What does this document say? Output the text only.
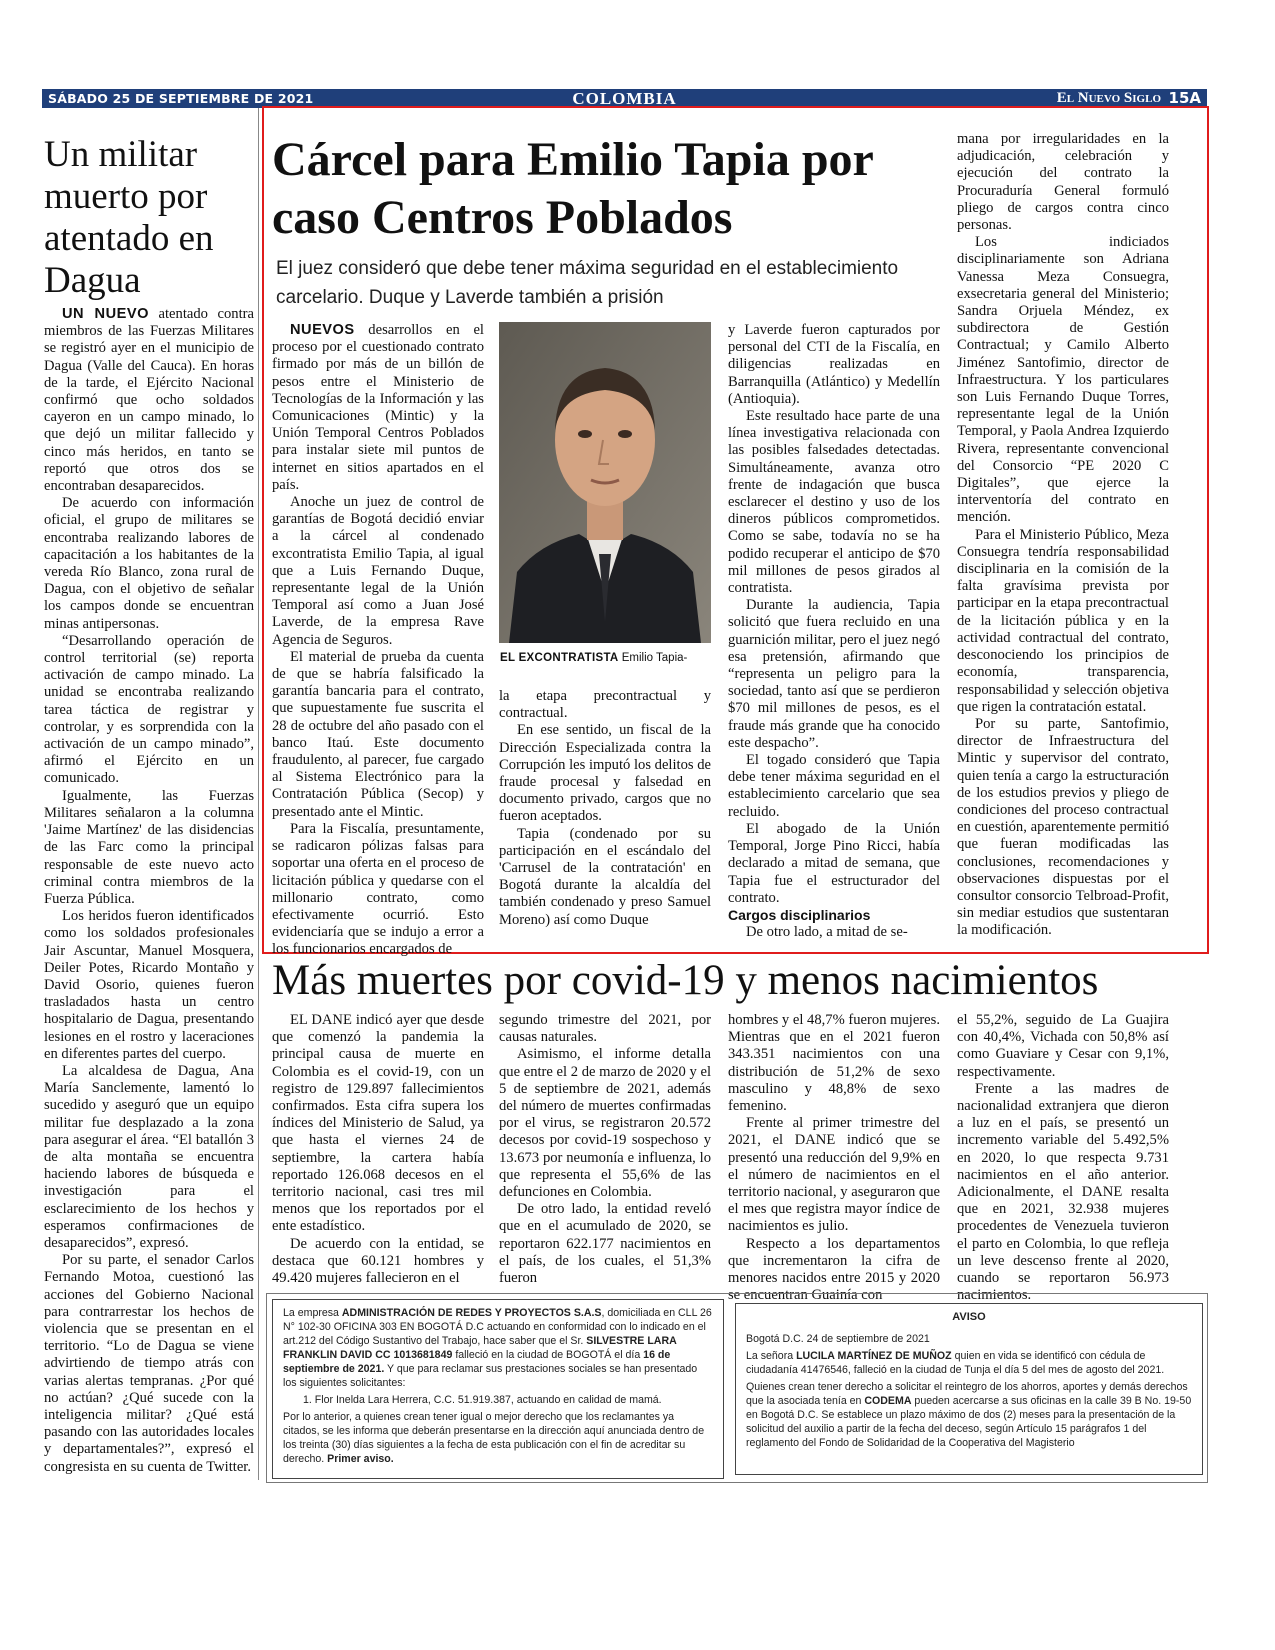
SÁBADO 25 DE SEPTIEMBRE DE 2021	COLOMBIA	El Nuevo Siglo 15A
Un militar muerto por atentado en Dagua

UN NUEVO atentado contra miembros de las Fuerzas Militares se registró ayer en el municipio de Dagua (Valle del Cauca). En horas de la tarde, el Ejército Nacional confirmó que ocho soldados cayeron en un campo minado, lo que dejó un militar fallecido y cinco más heridos, en tanto se reportó que otros dos se encontraban desaparecidos.

De acuerdo con información oficial, el grupo de militares se encontraba realizando labores de capacitación a los habitantes de la vereda Río Blanco, zona rural de Dagua, con el objetivo de señalar los campos donde se encuentran minas antipersonas.

“Desarrollando operación de control territorial (se) reporta activación de campo minado. La unidad se encontraba realizando tarea táctica de registrar y controlar, y es sorprendida con la activación de un campo minado”, afirmó el Ejército en un comunicado.

Igualmente, las Fuerzas Militares señalaron a la columna 'Jaime Martínez' de las disidencias de las Farc como la principal responsable de este nuevo acto criminal contra miembros de la Fuerza Pública.

Los heridos fueron identificados como los soldados profesionales Jair Ascuntar, Manuel Mosquera, Deiler Potes, Ricardo Montaño y David Osorio, quienes fueron trasladados hasta un centro hospitalario de Dagua, presentando lesiones en el rostro y laceraciones en diferentes partes del cuerpo.

La alcaldesa de Dagua, Ana María Sanclemente, lamentó lo sucedido y aseguró que un equipo militar fue desplazado a la zona para asegurar el área. “El batallón 3 de alta montaña se encuentra haciendo labores de búsqueda e investigación para el esclarecimiento de los hechos y esperamos confirmaciones de desaparecidos”, expresó.

Por su parte, el senador Carlos Fernando Motoa, cuestionó las acciones del Gobierno Nacional para contrarrestar los hechos de violencia que se presentan en el territorio. “Lo de Dagua se viene advirtiendo de tiempo atrás con varias alertas tempranas. ¿Por qué no actúan? ¿Qué sucede con la inteligencia militar? ¿Qué está pasando con las autoridades locales y departamentales?”, expresó el congresista en su cuenta de Twitter.

Cárcel para Emilio Tapia por caso Centros Poblados
El juez consideró que debe tener máxima seguridad en el establecimiento carcelario. Duque y Laverde también a prisión

NUEVOS desarrollos en el proceso por el cuestionado contrato firmado por más de un billón de pesos entre el Ministerio de Tecnologías de la Información y las Comunicaciones (Mintic) y la Unión Temporal Centros Poblados para instalar siete mil puntos de internet en sitios apartados en el país.

Anoche un juez de control de garantías de Bogotá decidió enviar a la cárcel al condenado excontratista Emilio Tapia, al igual que a Luis Fernando Duque, representante legal de la Unión Temporal así como a Juan José Laverde, de la empresa Rave Agencia de Seguros.

El material de prueba da cuenta de que se habría falsificado la garantía bancaria para el contrato, que supuestamente fue suscrita el 28 de octubre del año pasado con el banco Itaú. Este documento fraudulento, al parecer, fue cargado al Sistema Electrónico para la Contratación Pública (Secop) y presentado ante el Mintic.

Para la Fiscalía, presuntamente, se radicaron pólizas falsas para soportar una oferta en el proceso de licitación pública y quedarse con el millonario contrato, como efectivamente ocurrió. Esto evidenciaría que se indujo a error a los funcionarios encargados de

EL EXCONTRATISTA Emilio Tapia-

la etapa precontractual y contractual.

En ese sentido, un fiscal de la Dirección Especializada contra la Corrupción les imputó los delitos de fraude procesal y falsedad en documento privado, cargos que no fueron aceptados.

Tapia (condenado por su participación en el escándalo del 'Carrusel de la contratación' en Bogotá durante la alcaldía del también condenado y preso Samuel Moreno) así como Duque

y Laverde fueron capturados por personal del CTI de la Fiscalía, en diligencias realizadas en Barranquilla (Atlántico) y Medellín (Antioquia).

Este resultado hace parte de una línea investigativa relacionada con las posibles falsedades detectadas. Simultáneamente, avanza otro frente de indagación que busca esclarecer el destino y uso de los dineros públicos comprometidos. Como se sabe, todavía no se ha podido recuperar el anticipo de $70 mil millones de pesos girados al contratista.

Durante la audiencia, Tapia solicitó que fuera recluido en una guarnición militar, pero el juez negó esa pretensión, afirmando que “representa un peligro para la sociedad, tanto así que se perdieron $70 mil millones de pesos, es el fraude más grande que ha conocido este despacho”.

El togado consideró que Tapia debe tener máxima seguridad en el establecimiento carcelario que sea recluido.

El abogado de la Unión Temporal, Jorge Pino Ricci, había declarado a mitad de semana, que Tapia fue el estructurador del contrato.

Cargos disciplinarios

De otro lado, a mitad de se-

mana por irregularidades en la adjudicación, celebración y ejecución del contrato la Procuraduría General formuló pliego de cargos contra cinco personas.

Los indiciados disciplinariamente son Adriana Vanessa Meza Consuegra, exsecretaria general del Ministerio; Sandra Orjuela Méndez, ex subdirectora de Gestión Contractual; y Camilo Alberto Jiménez Santofimio, director de Infraestructura. Y los particulares son Luis Fernando Duque Torres, representante legal de la Unión Temporal, y Paola Andrea Izquierdo Rivera, representante convencional del Consorcio “PE 2020 C Digitales”, que ejerce la interventoría del contrato en mención.

Para el Ministerio Público, Meza Consuegra tendría responsabilidad disciplinaria en la comisión de la falta gravísima prevista por participar en la etapa precontractual de la licitación pública y en la actividad contractual del contrato, desconociendo los principios de economía, transparencia, responsabilidad y selección objetiva que rigen la contratación estatal.

Por su parte, Santofimio, director de Infraestructura del Mintic y supervisor del contrato, quien tenía a cargo la estructuración de los estudios previos y pliego de condiciones del proceso contractual en cuestión, aparentemente permitió que fueran modificadas las conclusiones, recomendaciones y observaciones dispuestas por el consultor consorcio Telbroad-Profit, sin mediar estudios que sustentaran la modificación.

Más muertes por covid-19 y menos nacimientos

EL DANE indicó ayer que desde que comenzó la pandemia la principal causa de muerte en Colombia es el covid-19, con un registro de 129.897 fallecimientos confirmados. Esta cifra supera los índices del Ministerio de Salud, ya que hasta el viernes 24 de septiembre, la cartera había reportado 126.068 decesos en el territorio nacional, casi tres mil menos que los reportados por el ente estadístico.

De acuerdo con la entidad, se destaca que 60.121 hombres y 49.420 mujeres fallecieron en el

segundo trimestre del 2021, por causas naturales.

Asimismo, el informe detalla que entre el 2 de marzo de 2020 y el 5 de septiembre de 2021, además del número de muertes confirmadas por el virus, se registraron 20.572 decesos por covid-19 sospechoso y 13.673 por neumonía e influenza, lo que representa el 55,6% de las defunciones en Colombia.

De otro lado, la entidad reveló que en el acumulado de 2020, se reportaron 622.177 nacimientos en el país, de los cuales, el 51,3% fueron

hombres y el 48,7% fueron mujeres. Mientras que en el 2021 fueron 343.351 nacimientos con una distribución de 51,2% de sexo masculino y 48,8% de sexo femenino.

Frente al primer trimestre del 2021, el DANE indicó que se presentó una reducción del 9,9% en el número de nacimientos en el territorio nacional, y aseguraron que el mes que registra mayor índice de nacimientos es julio.

Respecto a los departamentos que incrementaron la cifra de menores nacidos entre 2015 y 2020 se encuentran Guainía con

el 55,2%, seguido de La Guajira con 40,4%, Vichada con 50,8% así como Guaviare y Cesar con 9,1%, respectivamente.

Frente a las madres de nacionalidad extranjera que dieron a luz en el país, se presentó un incremento variable del 5.492,5% en 2020, lo que respecta 9.731 nacimientos en el año anterior. Adicionalmente, el DANE resalta que en 2021, 32.938 mujeres procedentes de Venezuela tuvieron el parto en Colombia, lo que refleja un leve descenso frente al 2020, cuando se reportaron 56.973 nacimientos.

La empresa ADMINISTRACIÓN DE REDES Y PROYECTOS S.A.S, domiciliada en CLL 26 N° 102-30 OFICINA 303 EN BOGOTÁ D.C actuando en conformidad con lo indicado en el art.212 del Código Sustantivo del Trabajo, hace saber que el Sr. SILVESTRE LARA FRANKLIN DAVID CC 1013681849 falleció en la ciudad de BOGOTÁ el día 16 de septiembre de 2021. Y que para reclamar sus prestaciones sociales se han presentado los siguientes solicitantes:

1. Flor Inelda Lara Herrera, C.C. 51.919.387, actuando en calidad de mamá.

Por lo anterior, a quienes crean tener igual o mejor derecho que los reclamantes ya citados, se les informa que deberán presentarse en la dirección aquí anunciada dentro de los treinta (30) días siguientes a la fecha de esta publicación con el fin de acreditar su derecho. Primer aviso.

AVISO

Bogotá D.C. 24 de septiembre de 2021

La señora LUCILA MARTÍNEZ DE MUÑOZ quien en vida se identificó con cédula de ciudadanía 41476546, falleció en la ciudad de Tunja el día 5 del mes de agosto del 2021.

Quienes crean tener derecho a solicitar el reintegro de los ahorros, aportes y demás derechos que la asociada tenía en CODEMA pueden acercarse a sus oficinas en la calle 39 B No. 19-50 en Bogotá D.C. Se establece un plazo máximo de dos (2) meses para la presentación de la solicitud del auxilio a partir de la fecha del deceso, según Artículo 15 parágrafos 1 del reglamento del Fondo de Solidaridad de la Cooperativa del Magisterio
